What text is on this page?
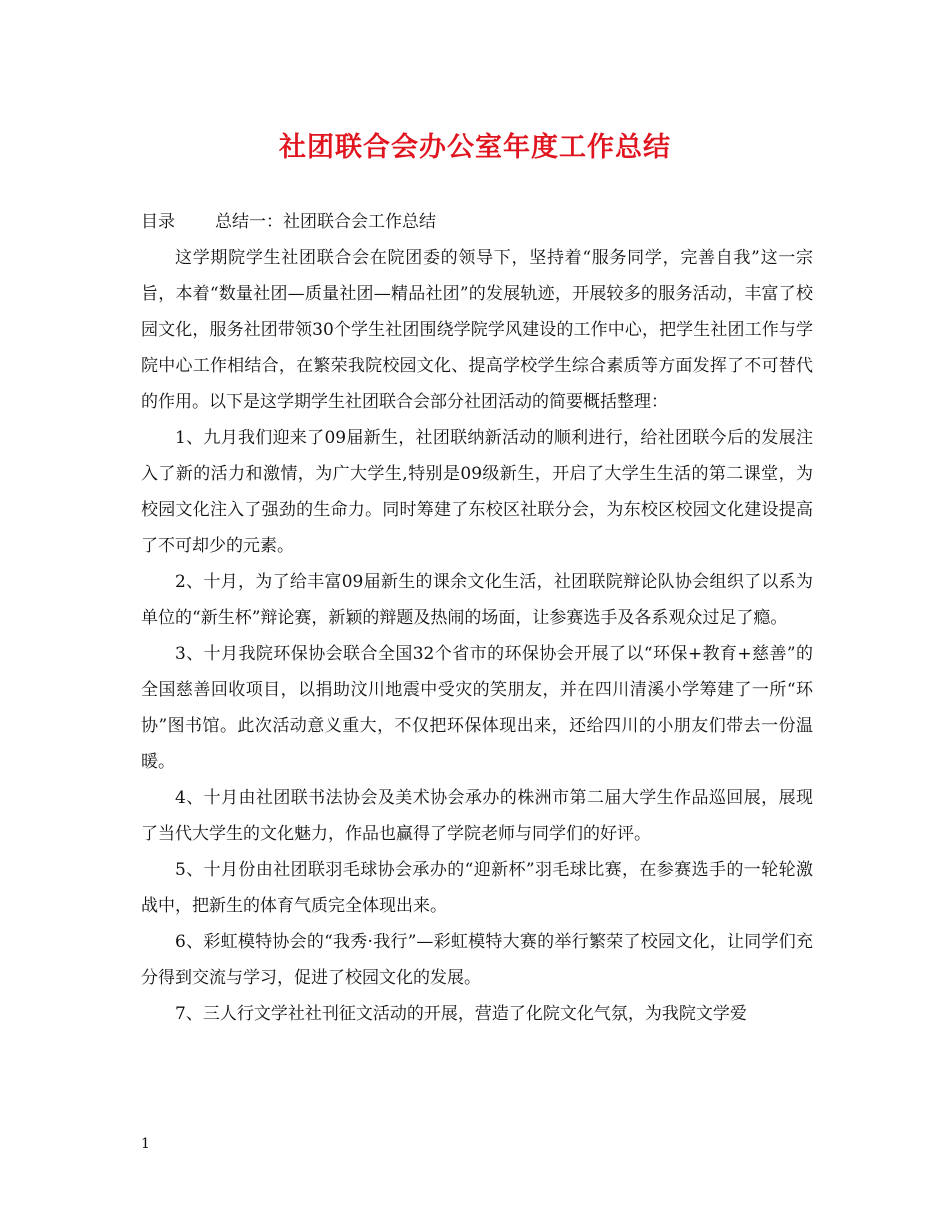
社团联合会办公室年度工作总结
目录 总结一：社团联合会工作总结

这学期院学生社团联合会在院团委的领导下，坚持着“服务同学，完善自我”这一宗旨，本着“数量社团—质量社团—精品社团”的发展轨迹，开展较多的服务活动，丰富了校园文化，服务社团带领30个学生社团围绕学院学风建设的工作中心，把学生社团工作与学院中心工作相结合，在繁荣我院校园文化、提高学校学生综合素质等方面发挥了不可替代的作用。以下是这学期学生社团联合会部分社团活动的简要概括整理：

1、九月我们迎来了09届新生，社团联纳新活动的顺利进行，给社团联今后的发展注入了新的活力和激情，为广大学生,特别是09级新生，开启了大学生生活的第二课堂，为校园文化注入了强劲的生命力。同时筹建了东校区社联分会，为东校区校园文化建设提高了不可却少的元素。

2、十月，为了给丰富09届新生的课余文化生活，社团联院辩论队协会组织了以系为单位的“新生杯”辩论赛，新颖的辩题及热闹的场面，让参赛选手及各系观众过足了瘾。

3、十月我院环保协会联合全国32个省市的环保协会开展了以“环保+教育+慈善”的全国慈善回收项目，以捐助汶川地震中受灾的笑朋友，并在四川清溪小学筹建了一所“环协”图书馆。此次活动意义重大，不仅把环保体现出来，还给四川的小朋友们带去一份温暖。

4、十月由社团联书法协会及美术协会承办的株洲市第二届大学生作品巡回展，展现了当代大学生的文化魅力，作品也赢得了学院老师与同学们的好评。

5、十月份由社团联羽毛球协会承办的“迎新杯”羽毛球比赛，在参赛选手的一轮轮激战中，把新生的体育气质完全体现出来。

6、彩虹模特协会的“我秀·我行”—彩虹模特大赛的举行繁荣了校园文化，让同学们充分得到交流与学习，促进了校园文化的发展。

7、三人行文学社社刊征文活动的开展，营造了化院文化气氛，为我院文学爱

1
